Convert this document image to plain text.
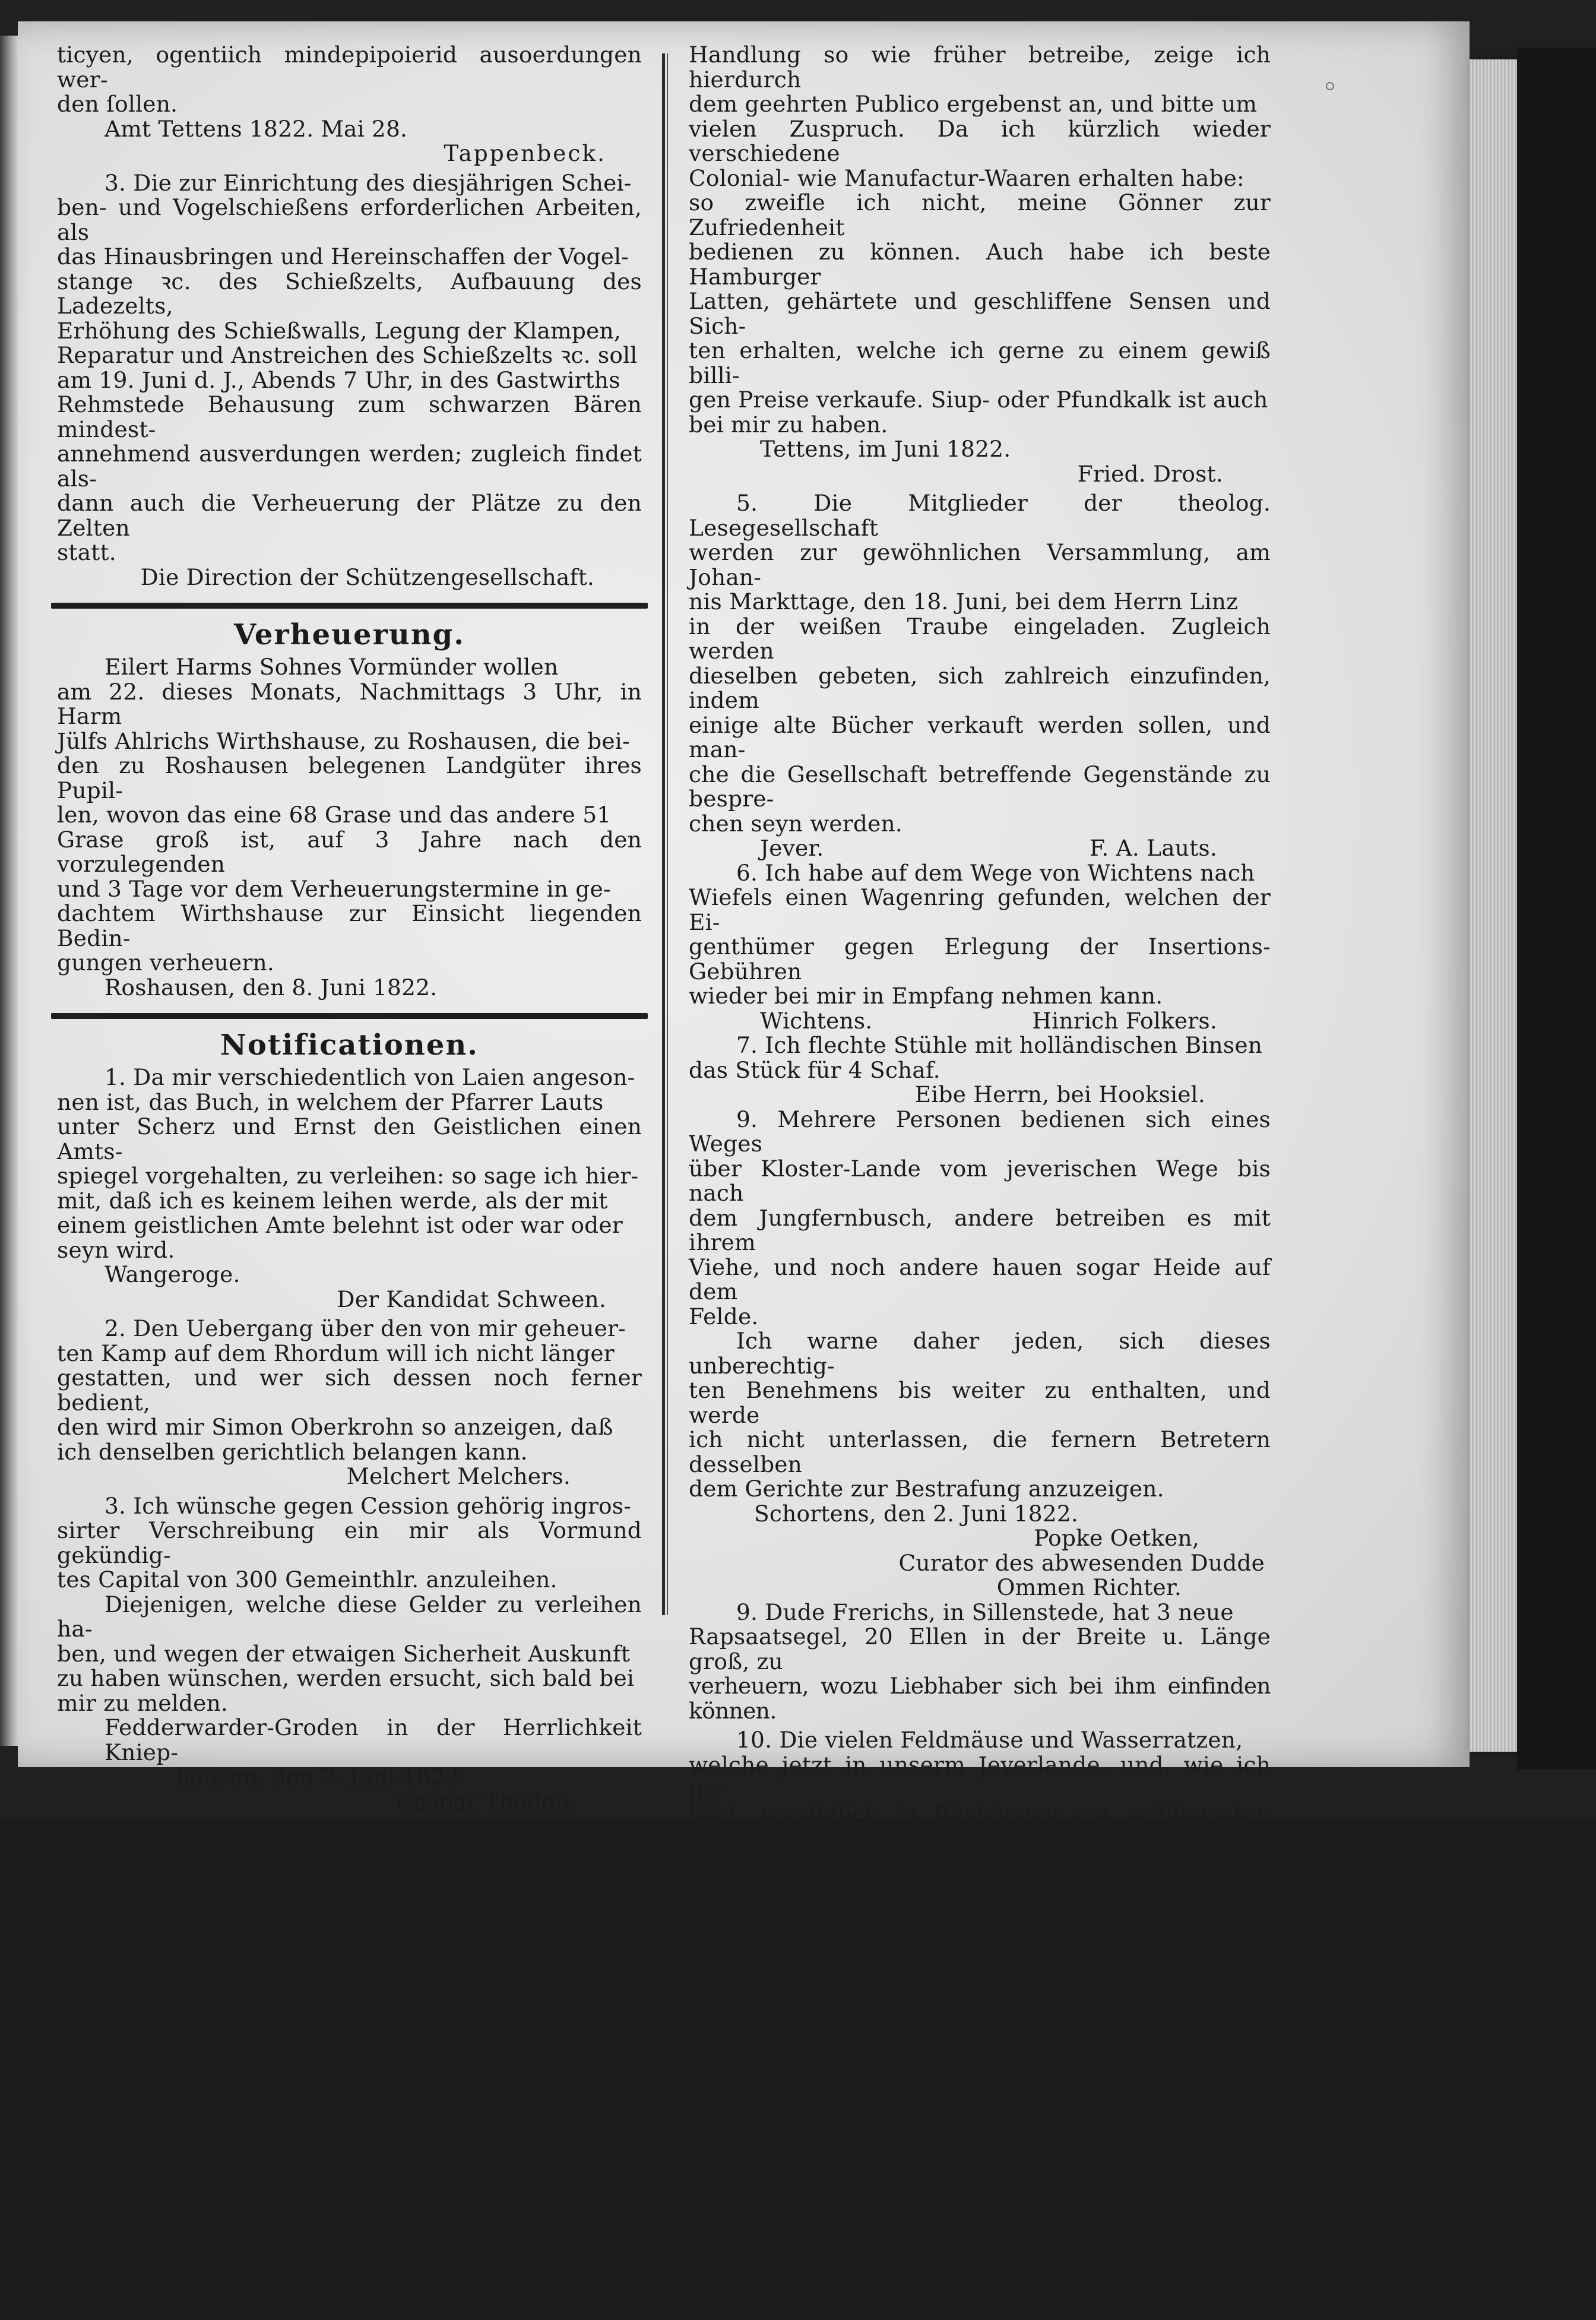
ticyen, ogentiich mindepipoierid ausoerdungen wer-

den ſollen.

Amt Tettens 1822. Mai 28.

Tappenbeck.

3. Die zur Einrichtung des diesjährigen Schei-

ben- und Vogelschießens erforderlichen Arbeiten, als

das Hinausbringen und Hereinschaffen der Vogel-

stange ꝛc. des Schießzelts, Aufbauung des Ladezelts,

Erhöhung des Schießwalls, Legung der Klampen,

Reparatur und Anstreichen des Schießzelts ꝛc. soll

am 19. Juni d. J., Abends 7 Uhr, in des Gastwirths

Rehmstede Behausung zum schwarzen Bären mindest-

annehmend ausverdungen werden; zugleich findet als-

dann auch die Verheuerung der Plätze zu den Zelten

statt.

Die Direction der Schützengesellschaft.

Verheuerung.

Eilert Harms Sohnes Vormünder wollen

am 22. dieses Monats, Nachmittags 3 Uhr, in Harm

Jülfs Ahlrichs Wirthshause, zu Roshausen, die bei-

den zu Roshausen belegenen Landgüter ihres Pupil-

len, wovon das eine 68 Grase und das andere 51

Grase groß ist, auf 3 Jahre nach den vorzulegenden

und 3 Tage vor dem Verheuerungstermine in ge-

dachtem Wirthshause zur Einsicht liegenden Bedin-

gungen verheuern.

Roshausen, den 8. Juni 1822.

Notificationen.

1. Da mir verschiedentlich von Laien angeson-

nen ist, das Buch, in welchem der Pfarrer Lauts

unter Scherz und Ernst den Geistlichen einen Amts-

spiegel vorgehalten, zu verleihen: so sage ich hier-

mit, daß ich es keinem leihen werde, als der mit

einem geistlichen Amte belehnt ist oder war oder

seyn wird.

Wangeroge.

Der Kandidat Schween.

2. Den Uebergang über den von mir geheuer-

ten Kamp auf dem Rhordum will ich nicht länger

gestatten, und wer sich dessen noch ferner bedient,

den wird mir Simon Oberkrohn so anzeigen, daß

ich denselben gerichtlich belangen kann.

Melchert Melchers.

3. Ich wünsche gegen Cession gehörig ingros-

sirter Verschreibung ein mir als Vormund gekündig-

tes Capital von 300 Gemeinthlr. anzuleihen.

Diejenigen, welche diese Gelder zu verleihen ha-

ben, und wegen der etwaigen Sicherheit Auskunft

zu haben wünschen, werden ersucht, sich bald bei

mir zu melden.

Fedderwarder-Groden in der Herrlichkeit Kniep-

hausen, den 7. Juni 1822.

Caspar Thaden,

als Vormund über Oelrich Abken Kinder.

4. Daß ich in dem von dem Hr. Amtmann

Driver in Tettens zuletzt bewohnten Hause jetzt seit

Mai wohne, und darin Crüdinir- und Ellenwaaren-

Handlung so wie früher betreibe, zeige ich hierdurch

dem geehrten Publico ergebenst an, und bitte um

vielen Zuspruch. Da ich kürzlich wieder verschiedene

Colonial- wie Manufactur-Waaren erhalten habe:

so zweifle ich nicht, meine Gönner zur Zufriedenheit

bedienen zu können. Auch habe ich beste Hamburger

Latten, gehärtete und geschliffene Sensen und Sich-

ten erhalten, welche ich gerne zu einem gewiß billi-

gen Preise verkaufe. Siup- oder Pfundkalk ist auch

bei mir zu haben.

Tettens, im Juni 1822.

Fried. Drost.

5. Die Mitglieder der theolog. Lesegesellschaft

werden zur gewöhnlichen Versammlung, am Johan-

nis Markttage, den 18. Juni, bei dem Herrn Linz

in der weißen Traube eingeladen. Zugleich werden

dieselben gebeten, sich zahlreich einzufinden, indem

einige alte Bücher verkauft werden sollen, und man-

che die Gesellschaft betreffende Gegenstände zu bespre-

chen seyn werden.

Jever.	F. A. Lauts.

6. Ich habe auf dem Wege von Wichtens nach

Wiefels einen Wagenring gefunden, welchen der Ei-

genthümer gegen Erlegung der Insertions-Gebühren

wieder bei mir in Empfang nehmen kann.

Wichtens.	Hinrich Folkers.

7. Ich flechte Stühle mit holländischen Binsen

das Stück für 4 Schaf.

Eibe Herrn, bei Hooksiel.

9. Mehrere Personen bedienen sich eines Weges

über Kloster-Lande vom jeverischen Wege bis nach

dem Jungfernbusch, andere betreiben es mit ihrem

Viehe, und noch andere hauen sogar Heide auf dem

Felde.

Ich warne daher jeden, sich dieses unberechtig-

ten Benehmens bis weiter zu enthalten, und werde

ich nicht unterlassen, die fernern Betretern desselben

dem Gerichte zur Bestrafung anzuzeigen.

Schortens, den 2. Juni 1822.

Popke Oetken,

Curator des abwesenden Dudde

Ommen Richter.

9. Dude Frerichs, in Sillenstede, hat 3 neue

Rapsaatsegel, 20 Ellen in der Breite u. Länge groß, zu

verheuern, wozu Liebhaber sich bei ihm einfinden können.

10. Die vielen Feldmäuse und Wasserratzen,

welche jetzt in unserm Jeverlande, und, wie ich ge-

hört, vorzüglich in Rüstringen am schlimmsten hau-

sen, und jetzt nur noch wenig aber gegen den Herbst

ungeheuren Schaden anrichten werden, veranlaßt mich,

folgendes einfaches, von mir jetzt schon bewährt ge-

fundenes Mittel aus Scheers Handbuch für Land-

wirthe öffentlich meinen Mitbürgern bekannt zu ma-

chen, um gemeinschaftlich die Vertilgung dieses Un-

geziefers bewirken zu können.

Ich nahm zu 6 Matten Rocken eine halbe Ton-

ne Haber, ließ diese mit Wasser, worin ein Pfund

Arsenick oder sogenanntes Röttenkrud aufgelöſ't war,

aufquellen, und dann in die Mäuselöcher streuen.

Den Arsenick läßt man in kochendem Wasser zerge-
